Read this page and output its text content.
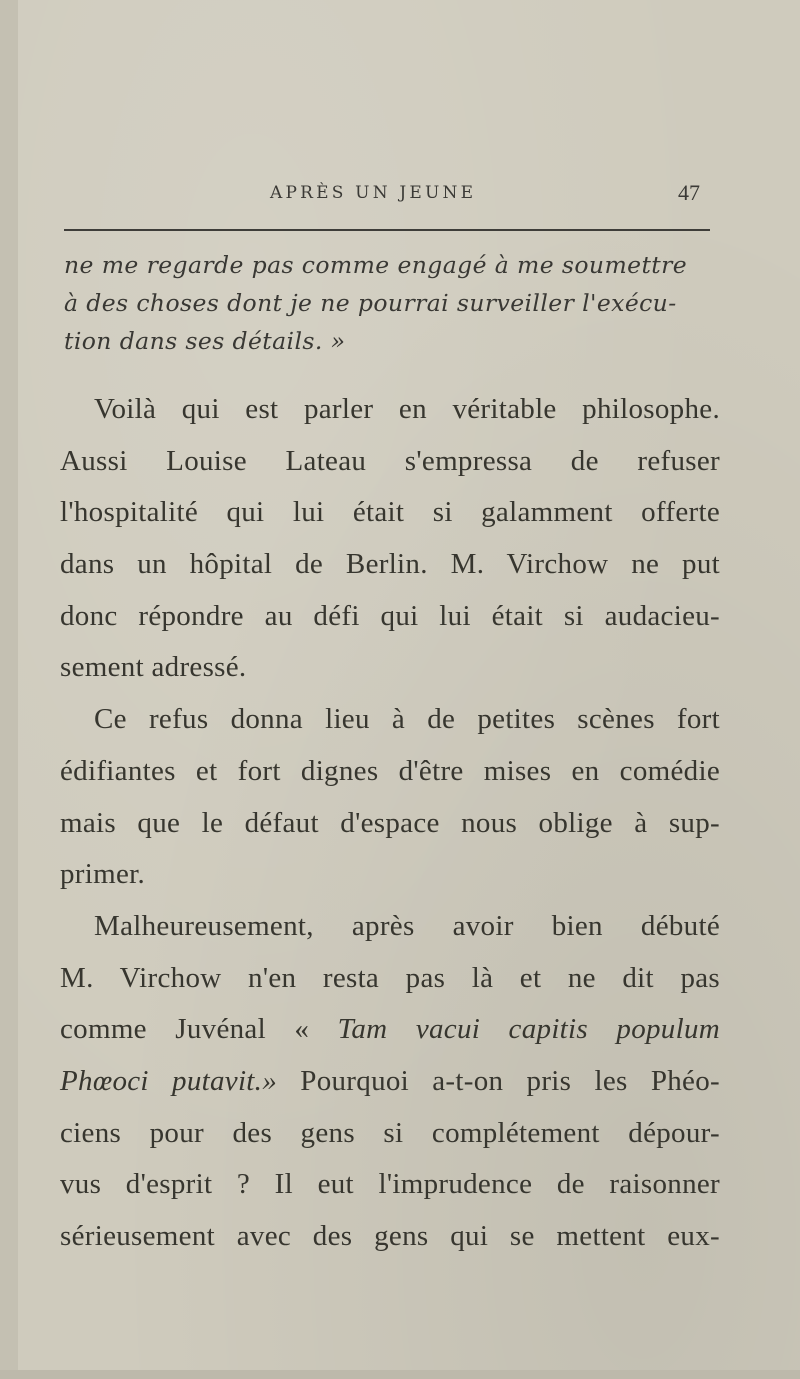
APRÈS UN JEUNE	47
ne me regarde pas comme engagé à me soumettre
à des choses dont je ne pourrai surveiller l'exécu-
tion dans ses détails. »
Voilà qui est parler en véritable philosophe.
Aussi Louise Lateau s'empressa de refuser
l'hospitalité qui lui était si galamment offerte
dans un hôpital de Berlin. M. Virchow ne put
donc répondre au défi qui lui était si audacieu-
sement adressé.
Ce refus donna lieu à de petites scènes fort
édifiantes et fort dignes d'être mises en comédie
mais que le défaut d'espace nous oblige à sup-
primer.
Malheureusement, après avoir bien débuté
M. Virchow n'en resta pas là et ne dit pas
comme Juvénal « Tam vacui capitis populum
Phœoci putavit.» Pourquoi a-t-on pris les Phéo-
ciens pour des gens si complétement dépour-
vus d'esprit ? Il eut l'imprudence de raisonner
sérieusement avec des gens qui se mettent eux-
